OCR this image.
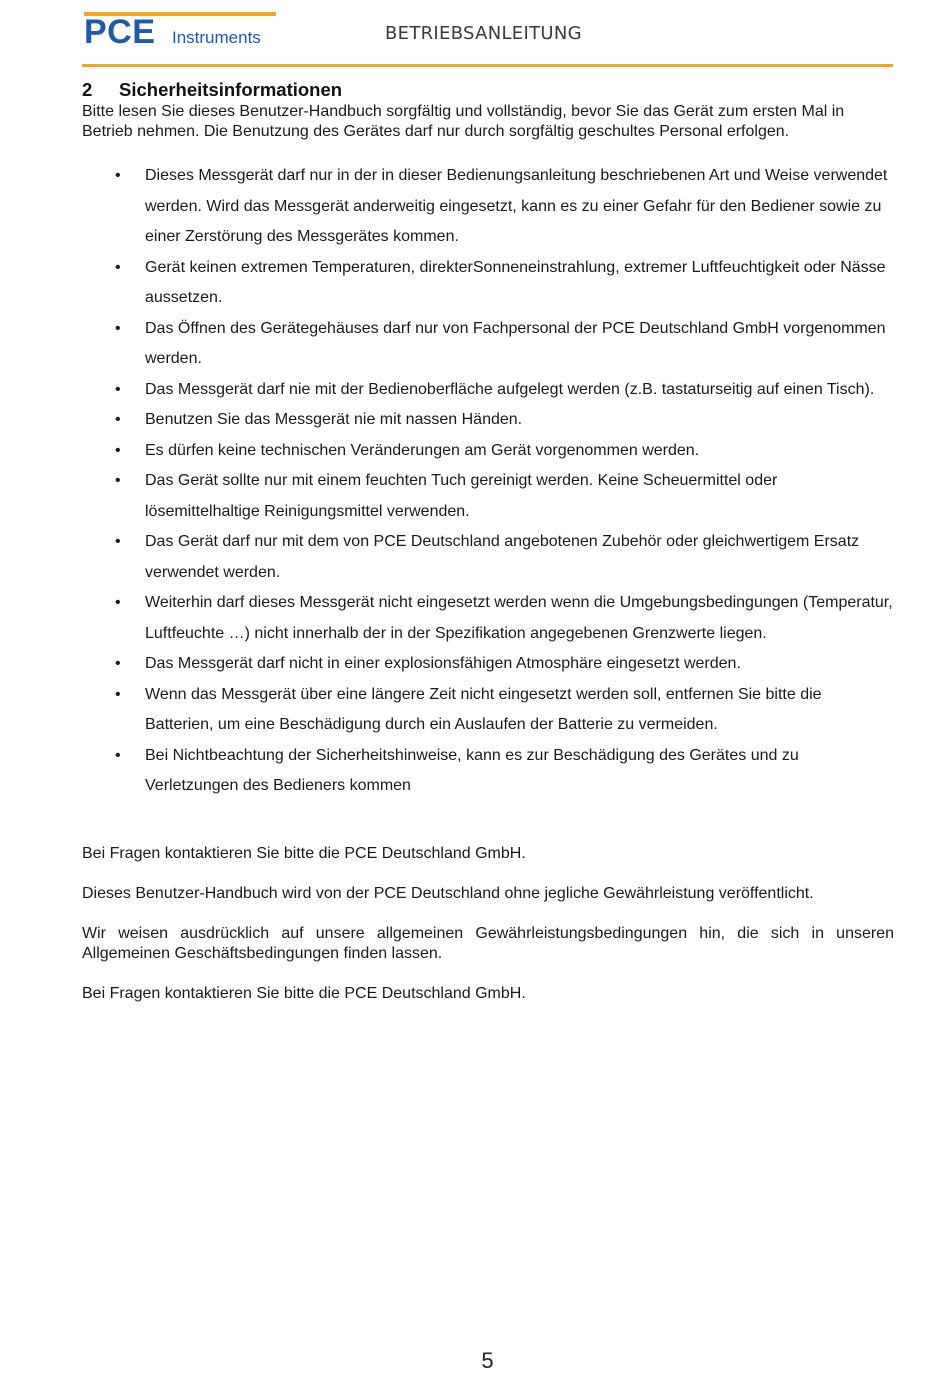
PCE Instruments	BETRIEBSANLEITUNG
2 Sicherheitsinformationen

Bitte lesen Sie dieses Benutzer-Handbuch sorgfältig und vollständig, bevor Sie das Gerät zum ersten Mal in Betrieb nehmen. Die Benutzung des Gerätes darf nur durch sorgfältig geschultes Personal erfolgen.

• Dieses Messgerät darf nur in der in dieser Bedienungsanleitung beschriebenen Art und Weise verwendet werden. Wird das Messgerät anderweitig eingesetzt, kann es zu einer Gefahr für den Bediener sowie zu einer Zerstörung des Messgerätes kommen.
• Gerät keinen extremen Temperaturen, direkterSonneneinstrahlung, extremer Luftfeuchtigkeit oder Nässe aussetzen.
• Das Öffnen des Gerätegehäuses darf nur von Fachpersonal der PCE Deutschland GmbH vorgenommen werden.
• Das Messgerät darf nie mit der Bedienoberfläche aufgelegt werden (z.B. tastaturseitig auf einen Tisch).
• Benutzen Sie das Messgerät nie mit nassen Händen.
• Es dürfen keine technischen Veränderungen am Gerät vorgenommen werden.
• Das Gerät sollte nur mit einem feuchten Tuch gereinigt werden. Keine Scheuermittel oder lösemittelhaltige Reinigungsmittel verwenden.
• Das Gerät darf nur mit dem von PCE Deutschland angebotenen Zubehör oder gleichwertigem Ersatz verwendet werden.
• Weiterhin darf dieses Messgerät nicht eingesetzt werden wenn die Umgebungsbedingungen (Temperatur, Luftfeuchte …) nicht innerhalb der in der Spezifikation angegebenen Grenzwerte liegen.
• Das Messgerät darf nicht in einer explosionsfähigen Atmosphäre eingesetzt werden.
• Wenn das Messgerät über eine längere Zeit nicht eingesetzt werden soll, entfernen Sie bitte die Batterien, um eine Beschädigung durch ein Auslaufen der Batterie zu vermeiden.
• Bei Nichtbeachtung der Sicherheitshinweise, kann es zur Beschädigung des Gerätes und zu Verletzungen des Bedieners kommen

Bei Fragen kontaktieren Sie bitte die PCE Deutschland GmbH.

Dieses Benutzer-Handbuch wird von der PCE Deutschland ohne jegliche Gewährleistung veröffentlicht.

Wir weisen ausdrücklich auf unsere allgemeinen Gewährleistungsbedingungen hin, die sich in unseren Allgemeinen Geschäftsbedingungen finden lassen.

Bei Fragen kontaktieren Sie bitte die PCE Deutschland GmbH.

5
